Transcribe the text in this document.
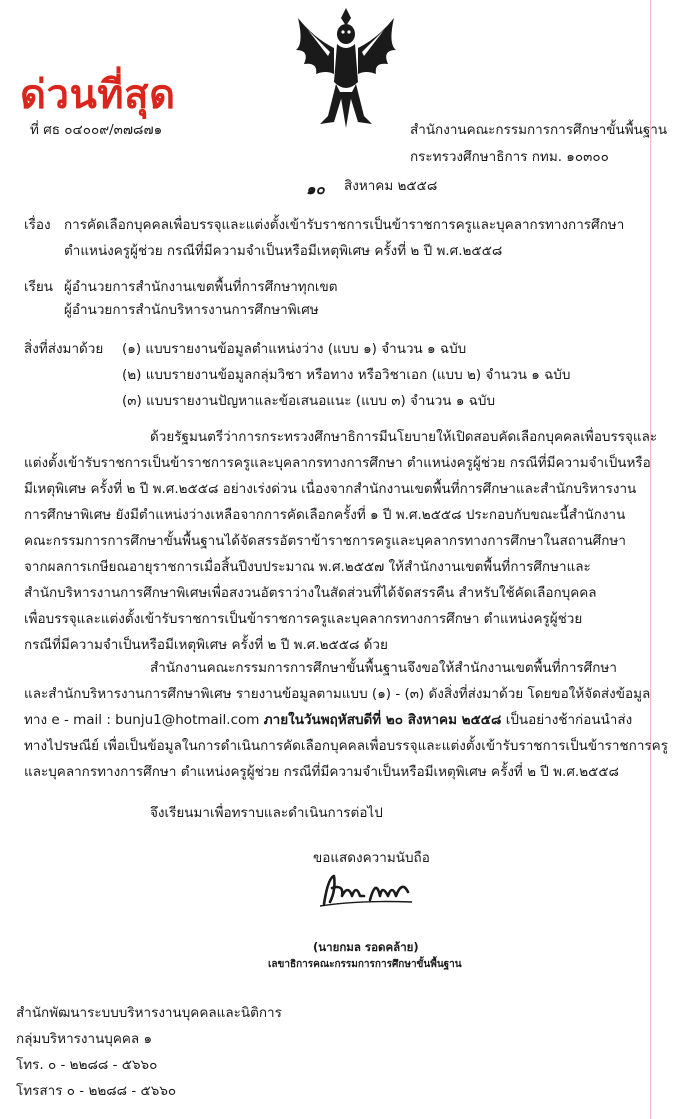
ด่วนที่สุด
ที่ ศธ ๐๔๐๐๙/๓๗๘๗๑	สำนักงานคณะกรรมการการศึกษาขั้นพื้นฐาน
กระทรวงศึกษาธิการ กทม. ๑๐๓๐๐
๑๐ สิงหาคม ๒๕๕๘
เรื่อง การคัดเลือกบุคคลเพื่อบรรจุและแต่งตั้งเข้ารับราชการเป็นข้าราชการครูและบุคลากรทางการศึกษา
ตำแหน่งครูผู้ช่วย กรณีที่มีความจำเป็นหรือมีเหตุพิเศษ ครั้งที่ ๒ ปี พ.ศ.๒๕๕๘
เรียน ผู้อำนวยการสำนักงานเขตพื้นที่การศึกษาทุกเขต
ผู้อำนวยการสำนักบริหารงานการศึกษาพิเศษ
สิ่งที่ส่งมาด้วย (๑) แบบรายงานข้อมูลตำแหน่งว่าง (แบบ ๑) จำนวน ๑ ฉบับ
(๒) แบบรายงานข้อมูลกลุ่มวิชา หรือทาง หรือวิชาเอก (แบบ ๒) จำนวน ๑ ฉบับ
(๓) แบบรายงานปัญหาและข้อเสนอแนะ (แบบ ๓) จำนวน ๑ ฉบับ
ด้วยรัฐมนตรีว่าการกระทรวงศึกษาธิการมีนโยบายให้เปิดสอบคัดเลือกบุคคลเพื่อบรรจุและ
แต่งตั้งเข้ารับราชการเป็นข้าราชการครูและบุคลากรทางการศึกษา ตำแหน่งครูผู้ช่วย กรณีที่มีความจำเป็นหรือ
มีเหตุพิเศษ ครั้งที่ ๒ ปี พ.ศ.๒๕๕๘ อย่างเร่งด่วน เนื่องจากสำนักงานเขตพื้นที่การศึกษาและสำนักบริหารงาน
การศึกษาพิเศษ ยังมีตำแหน่งว่างเหลือจากการคัดเลือกครั้งที่ ๑ ปี พ.ศ.๒๕๕๘ ประกอบกับขณะนี้สำนักงาน
คณะกรรมการการศึกษาขั้นพื้นฐานได้จัดสรรอัตราข้าราชการครูและบุคลากรทางการศึกษาในสถานศึกษา
จากผลการเกษียณอายุราชการเมื่อสิ้นปีงบประมาณ พ.ศ.๒๕๕๗ ให้สำนักงานเขตพื้นที่การศึกษาและ
สำนักบริหารงานการศึกษาพิเศษเพื่อสงวนอัตราว่างในสัดส่วนที่ได้จัดสรรคืน สำหรับใช้คัดเลือกบุคคล
เพื่อบรรจุและแต่งตั้งเข้ารับราชการเป็นข้าราชการครูและบุคลากรทางการศึกษา ตำแหน่งครูผู้ช่วย
กรณีที่มีความจำเป็นหรือมีเหตุพิเศษ ครั้งที่ ๒ ปี พ.ศ.๒๕๕๘ ด้วย
สำนักงานคณะกรรมการการศึกษาขั้นพื้นฐานจึงขอให้สำนักงานเขตพื้นที่การศึกษา
และสำนักบริหารงานการศึกษาพิเศษ รายงานข้อมูลตามแบบ (๑) - (๓) ดังสิ่งที่ส่งมาด้วย โดยขอให้จัดส่งข้อมูล
ทาง e - mail : bunju1@hotmail.com ภายในวันพฤหัสบดีที่ ๒๐ สิงหาคม ๒๕๕๘ เป็นอย่างช้าก่อนนำส่ง
ทางไปรษณีย์ เพื่อเป็นข้อมูลในการดำเนินการคัดเลือกบุคคลเพื่อบรรจุและแต่งตั้งเข้ารับราชการเป็นข้าราชการครู
และบุคลากรทางการศึกษา ตำแหน่งครูผู้ช่วย กรณีที่มีความจำเป็นหรือมีเหตุพิเศษ ครั้งที่ ๒ ปี พ.ศ.๒๕๕๘
จึงเรียนมาเพื่อทราบและดำเนินการต่อไป
ขอแสดงความนับถือ
(นายกมล รอดคล้าย)
เลขาธิการคณะกรรมการการศึกษาขั้นพื้นฐาน
สำนักพัฒนาระบบบริหารงานบุคคลและนิติการ
กลุ่มบริหารงานบุคคล ๑
โทร. ๐ - ๒๒๘๘ - ๕๖๖๐
โทรสาร ๐ - ๒๒๘๘ - ๕๖๖๐
